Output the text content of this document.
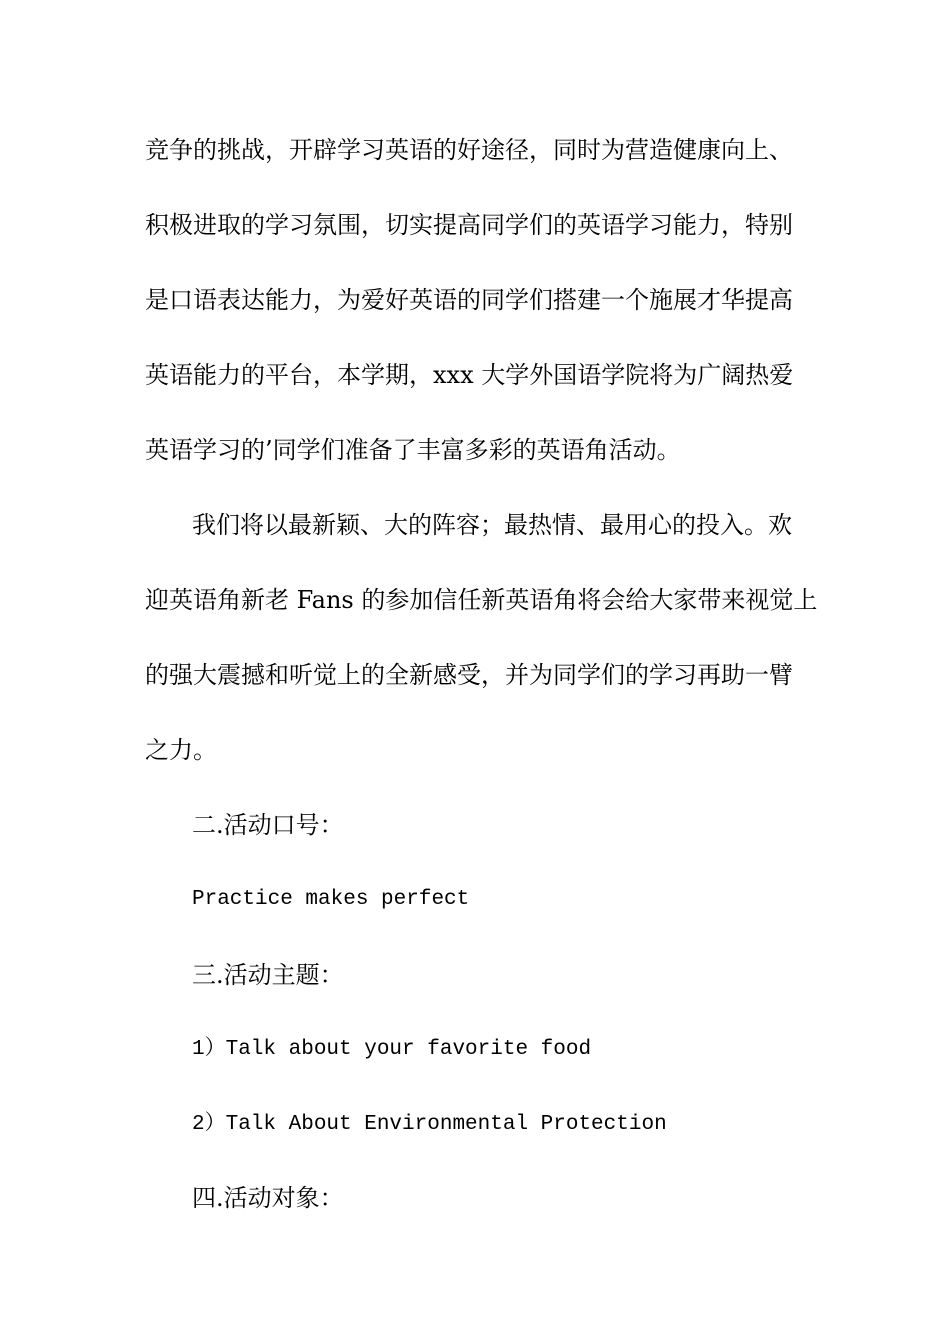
竞争的挑战，开辟学习英语的好途径，同时为营造健康向上、
积极进取的学习氛围，切实提高同学们的英语学习能力，特别
是口语表达能力，为爱好英语的同学们搭建一个施展才华提高
英语能力的平台，本学期，xxx 大学外国语学院将为广阔热爱
英语学习的’同学们准备了丰富多彩的英语角活动。
我们将以最新颖、大的阵容；最热情、最用心的投入。欢
迎英语角新老 Fans 的参加信任新英语角将会给大家带来视觉上
的强大震撼和听觉上的全新感受，并为同学们的学习再助一臂
之力。
二.活动口号：
Practice makes perfect
三.活动主题：
1）Talk about your favorite food
2）Talk About Environmental Protection
四.活动对象：
